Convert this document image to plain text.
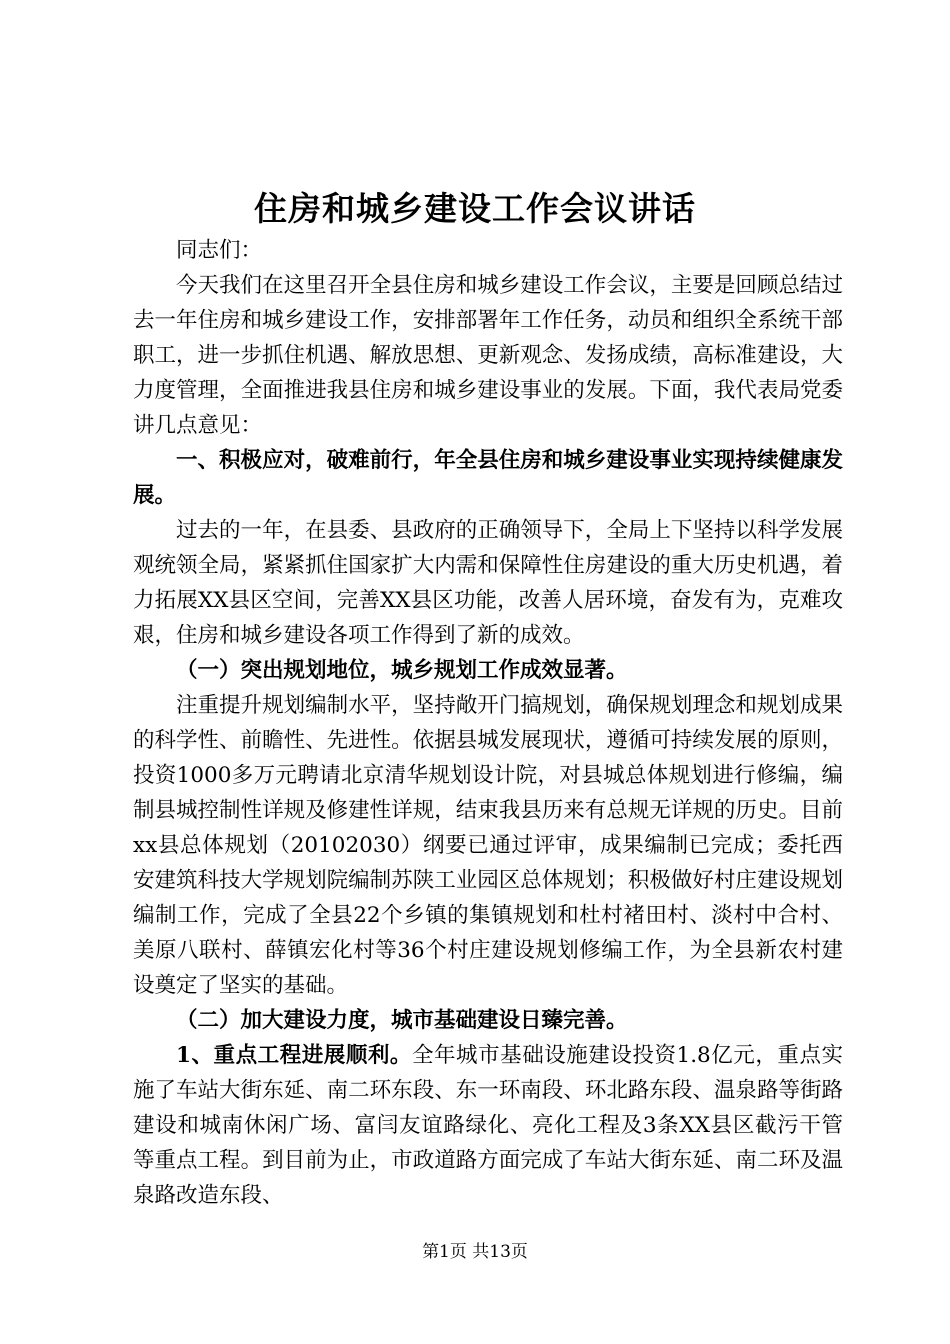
住房和城乡建设工作会议讲话

同志们：

今天我们在这里召开全县住房和城乡建设工作会议，主要是回顾总结过去一年住房和城乡建设工作，安排部署年工作任务，动员和组织全系统干部职工，进一步抓住机遇、解放思想、更新观念、发扬成绩，高标准建设，大力度管理，全面推进我县住房和城乡建设事业的发展。下面，我代表局党委讲几点意见：

一、积极应对，破难前行，年全县住房和城乡建设事业实现持续健康发展。

过去的一年，在县委、县政府的正确领导下，全局上下坚持以科学发展观统领全局，紧紧抓住国家扩大内需和保障性住房建设的重大历史机遇，着力拓展XX县区空间，完善XX县区功能，改善人居环境，奋发有为，克难攻艰，住房和城乡建设各项工作得到了新的成效。

（一）突出规划地位，城乡规划工作成效显著。

注重提升规划编制水平，坚持敞开门搞规划，确保规划理念和规划成果的科学性、前瞻性、先进性。依据县城发展现状，遵循可持续发展的原则，投资1000多万元聘请北京清华规划设计院，对县城总体规划进行修编，编制县城控制性详规及修建性详规，结束我县历来有总规无详规的历史。目前xx县总体规划（20102030）纲要已通过评审，成果编制已完成；委托西安建筑科技大学规划院编制苏陕工业园区总体规划；积极做好村庄建设规划编制工作，完成了全县22个乡镇的集镇规划和杜村褚田村、淡村中合村、美原八联村、薛镇宏化村等36个村庄建设规划修编工作，为全县新农村建设奠定了坚实的基础。

（二）加大建设力度，城市基础建设日臻完善。

1、重点工程进展顺利。全年城市基础设施建设投资1.8亿元，重点实施了车站大街东延、南二环东段、东一环南段、环北路东段、温泉路等街路建设和城南休闲广场、富闫友谊路绿化、亮化工程及3条XX县区截污干管等重点工程。到目前为止，市政道路方面完成了车站大街东延、南二环及温泉路改造东段、

第1页 共13页
